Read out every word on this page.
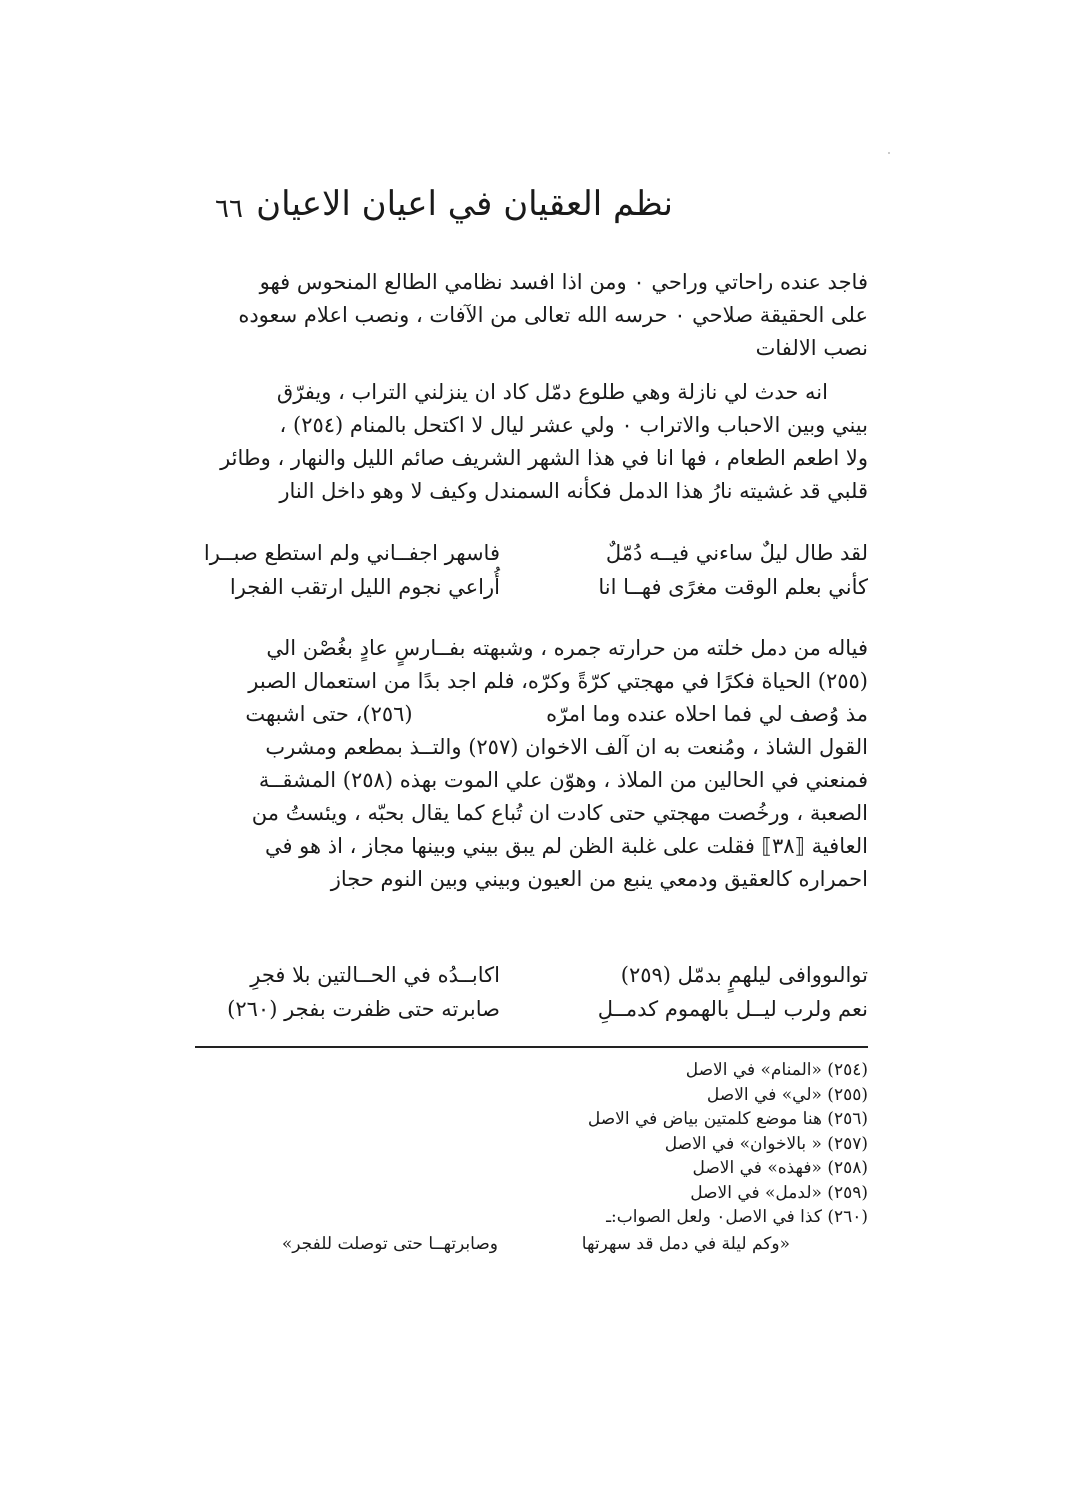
٦٦ نظم العقيان في اعيان الاعيان

فاجد عنده راحاتي وراحي ٠ ومن اذا افسد نظامي الطالع المنحوس فهو

على الحقيقة صلاحي ٠ حرسه الله تعالى من الآفات ، ونصب اعلام سعوده

نصب الالفات

انه حدث لي نازلة وهي طلوع دمّل كاد ان ينزلني التراب ، ويفرّق

بيني وبين الاحباب والاتراب ٠ ولي عشر ليال لا اكتحل بالمنام (٢٥٤) ،

ولا اطعم الطعام ، فها انا في هذا الشهر الشريف صائم الليل والنهار ، وطائر

قلبي قد غشيته نارُ هذا الدمل فكأنه السمندل وكيف لا وهو داخل النار

لقد طال ليلٌ ساءني فيــه دُمّلٌ
فاسهر اجفــاني ولم استطع صبــرا
كأني بعلم الوقت مغرًى فهــا انا
أُراعي نجوم الليل ارتقب الفجرا

فياله من دمل خلته من حرارته جمره ، وشبهته بفــارسٍ عادٍ بغُصْن الي

(٢٥٥) الحياة فكرًا في مهجتي كرّةً وكرّه، فلم اجد بدًا من استعمال الصبر

مذ وُصف لي فما احلاه عنده وما امرّه                    (٢٥٦)، حتى اشبهت

القول الشاذ ، ومُنعت به ان آلف الاخوان (٢٥٧) والتــذ بمطعم ومشرب

فمنعني في الحالين من الملاذ ، وهوّن علي الموت بهذه (٢٥٨) المشقــة

الصعبة ، ورخُصت مهجتي حتى كادت ان تُباع كما يقال بحبّه ، ويئستُ من

العافية ⟦٣٨⟧ فقلت على غلبة الظن لم يبق بيني وبينها مجاز ، اذ هو في

احمراره كالعقيق ودمعي ينبع من العيون وبيني وبين النوم حجاز

توالىووافى ليلهمٍ بدمّل (٢٥٩)
اكابــدُه في الحــالتين بلا فجرِ
نعم ولرب ليــل بالهموم كدمــلِ
صابرته حتى ظفرت بفجر (٢٦٠)
(٢٥٤) «المنام» في الاصل
(٢٥٥) «لي» في الاصل
(٢٥٦) هنا موضع كلمتين بياض في الاصل
(٢٥٧) « بالاخوان» في الاصل
(٢٥٨) «فهذه» في الاصل
(٢٥٩) «لدمل» في الاصل
(٢٦٠) كذا في الاصل٠ ولعل الصواب:ـ
«وكم ليلة في دمل قد سهرتها
وصابرتهــا حتى توصلت للفجر»
